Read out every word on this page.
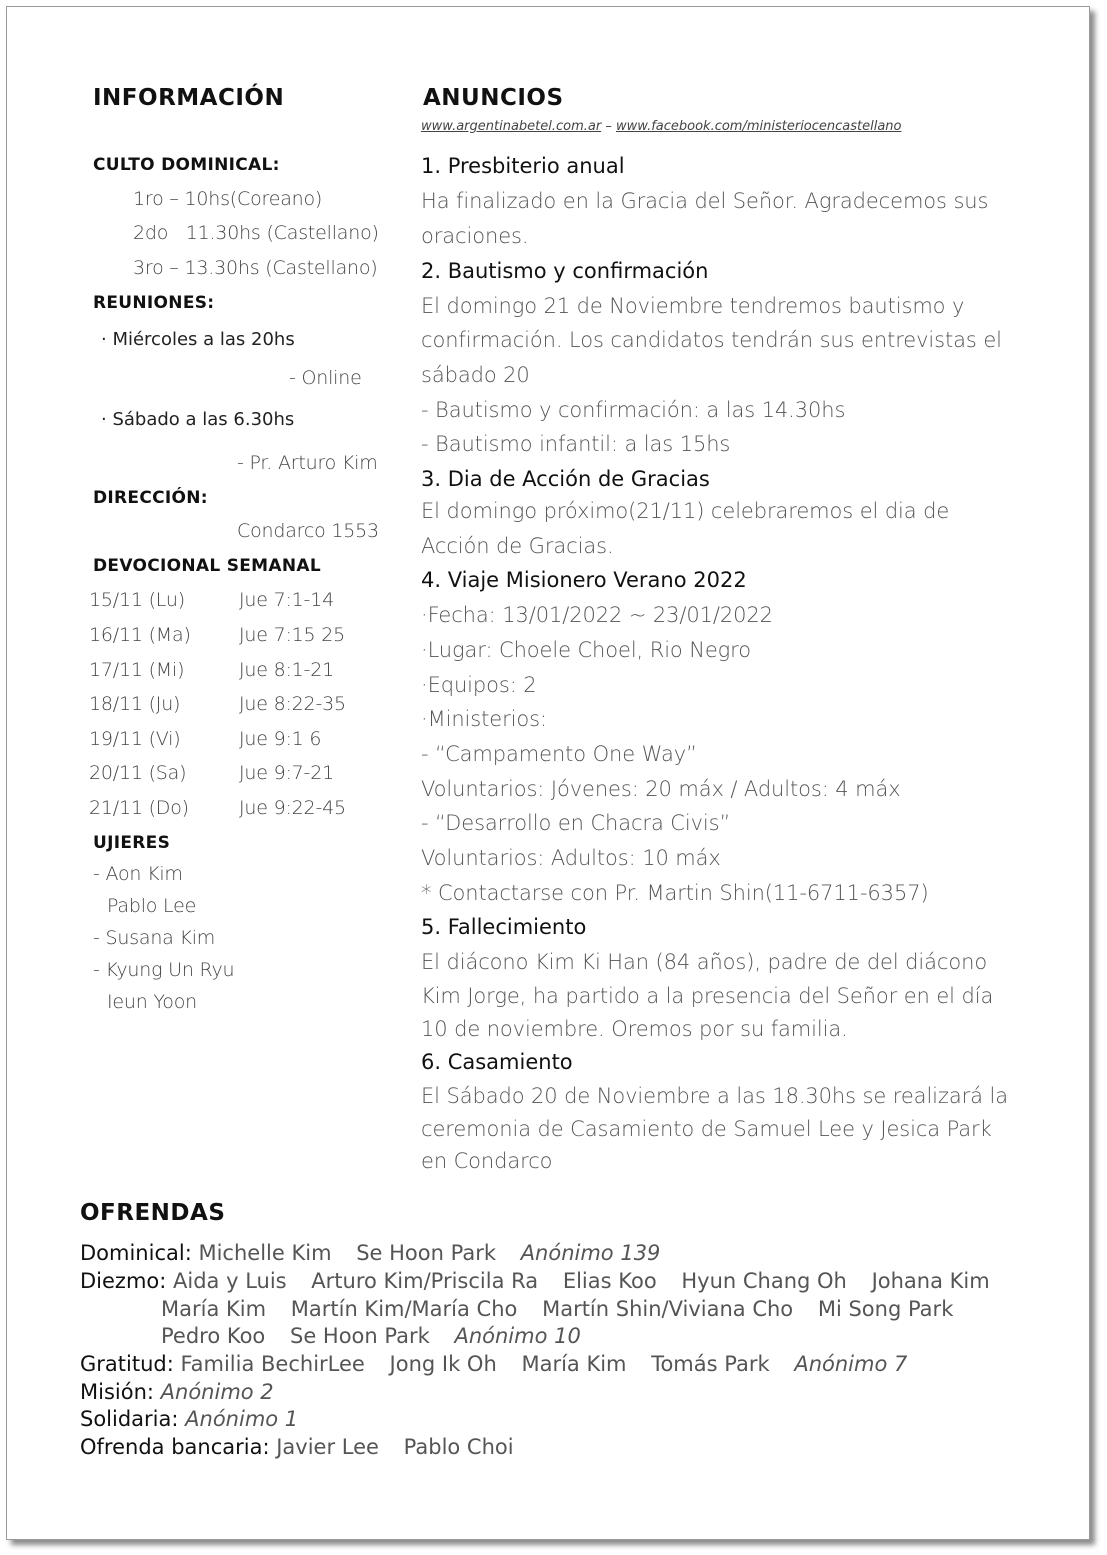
INFORMACIÓN
CULTO DOMINICAL:
1ro – 10hs(Coreano)
2do   11.30hs (Castellano)
3ro – 13.30hs (Castellano)
REUNIONES:
· Miércoles a las 20hs
- Online
· Sábado a las 6.30hs
- Pr. Arturo Kim
DIRECCIÓN:
Condarco 1553
DEVOCIONAL SEMANAL
15/11 (Lu)	Jue 7:1-14
16/11 (Ma)	Jue 7:15 25
17/11 (Mi)	Jue 8:1-21
18/11 (Ju)	Jue 8:22-35
19/11 (Vi)	Jue 9:1 6
20/11 (Sa)	Jue 9:7-21
21/11 (Do)	Jue 9:22-45
UJIERES
- Aon Kim
Pablo Lee
- Susana Kim
- Kyung Un Ryu
Ieun Yoon
ANUNCIOS
www.argentinabetel.com.ar – www.facebook.com/ministeriocencastellano
1. Presbiterio anual
Ha finalizado en la Gracia del Señor. Agradecemos sus
oraciones.
2. Bautismo y confirmación
El domingo 21 de Noviembre tendremos bautismo y
confirmación. Los candidatos tendrán sus entrevistas el
sábado 20
- Bautismo y confirmación: a las 14.30hs
- Bautismo infantil: a las 15hs
3. Dia de Acción de Gracias
El domingo próximo(21/11) celebraremos el dia de
Acción de Gracias.
4. Viaje Misionero Verano 2022
·Fecha: 13/01/2022 ~ 23/01/2022
·Lugar: Choele Choel, Rio Negro
·Equipos: 2
·Ministerios:
- “Campamento One Way”
Voluntarios: Jóvenes: 20 máx / Adultos: 4 máx
- “Desarrollo en Chacra Civis”
Voluntarios: Adultos: 10 máx
* Contactarse con Pr. Martin Shin(11-6711-6357)
5. Fallecimiento
El diácono Kim Ki Han (84 años), padre de del diácono
Kim Jorge, ha partido a la presencia del Señor en el día
10 de noviembre. Oremos por su familia.
6. Casamiento
El Sábado 20 de Noviembre a las 18.30hs se realizará la
ceremonia de Casamiento de Samuel Lee y Jesica Park
en Condarco
OFRENDAS
Dominical: Michelle Kim Se Hoon Park Anónimo 139
Diezmo: Aida y Luis Arturo Kim/Priscila Ra Elias Koo Hyun Chang Oh Johana Kim
María Kim Martín Kim/María Cho Martín Shin/Viviana Cho Mi Song Park
Pedro Koo Se Hoon Park Anónimo 10
Gratitud: Familia BechirLee Jong Ik Oh María Kim Tomás Park Anónimo 7
Misión: Anónimo 2
Solidaria: Anónimo 1
Ofrenda bancaria: Javier Lee Pablo Choi
